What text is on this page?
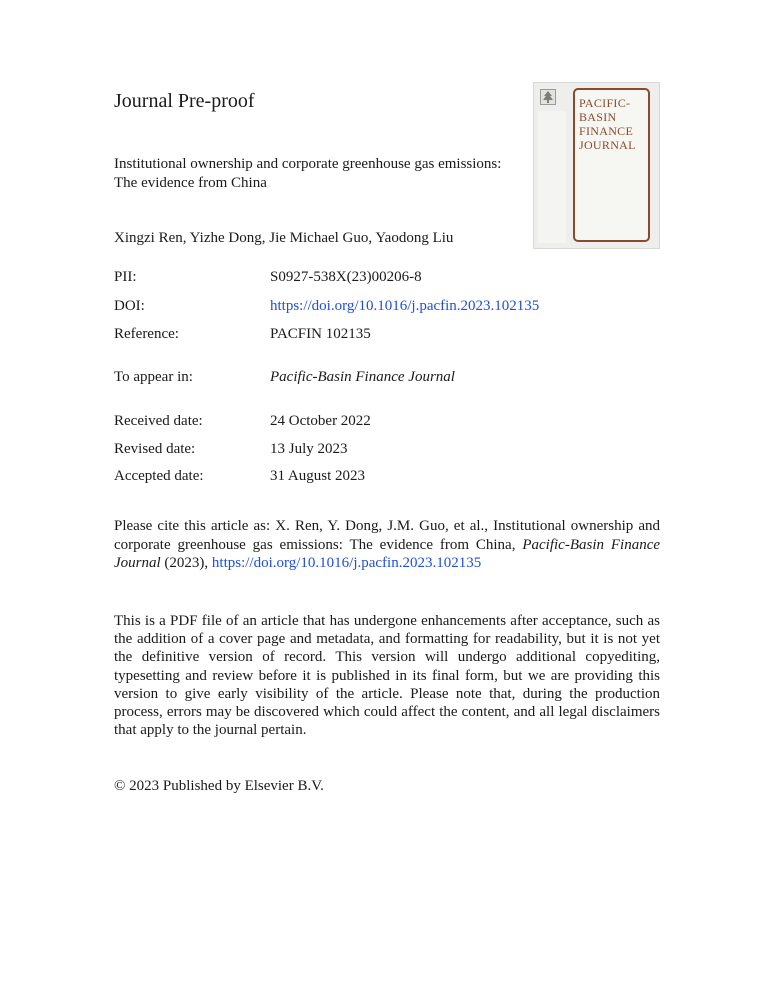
Journal Pre-proof
Institutional ownership and corporate greenhouse gas emissions:
The evidence from China
Xingzi Ren, Yizhe Dong, Jie Michael Guo, Yaodong Liu
PACIFIC-
BASIN
FINANCE
JOURNAL
PII:	S0927-538X(23)00206-8
DOI:	https://doi.org/10.1016/j.pacfin.2023.102135
Reference:	PACFIN 102135
To appear in:	Pacific-Basin Finance Journal
Received date:	24 October 2022
Revised date:	13 July 2023
Accepted date:	31 August 2023
Please cite this article as: X. Ren, Y. Dong, J.M. Guo, et al., Institutional ownership and corporate greenhouse gas emissions: The evidence from China, Pacific-Basin Finance Journal (2023), https://doi.org/10.1016/j.pacfin.2023.102135
This is a PDF file of an article that has undergone enhancements after acceptance, such as the addition of a cover page and metadata, and formatting for readability, but it is not yet the definitive version of record. This version will undergo additional copyediting, typesetting and review before it is published in its final form, but we are providing this version to give early visibility of the article. Please note that, during the production process, errors may be discovered which could affect the content, and all legal disclaimers that apply to the journal pertain.
© 2023 Published by Elsevier B.V.
